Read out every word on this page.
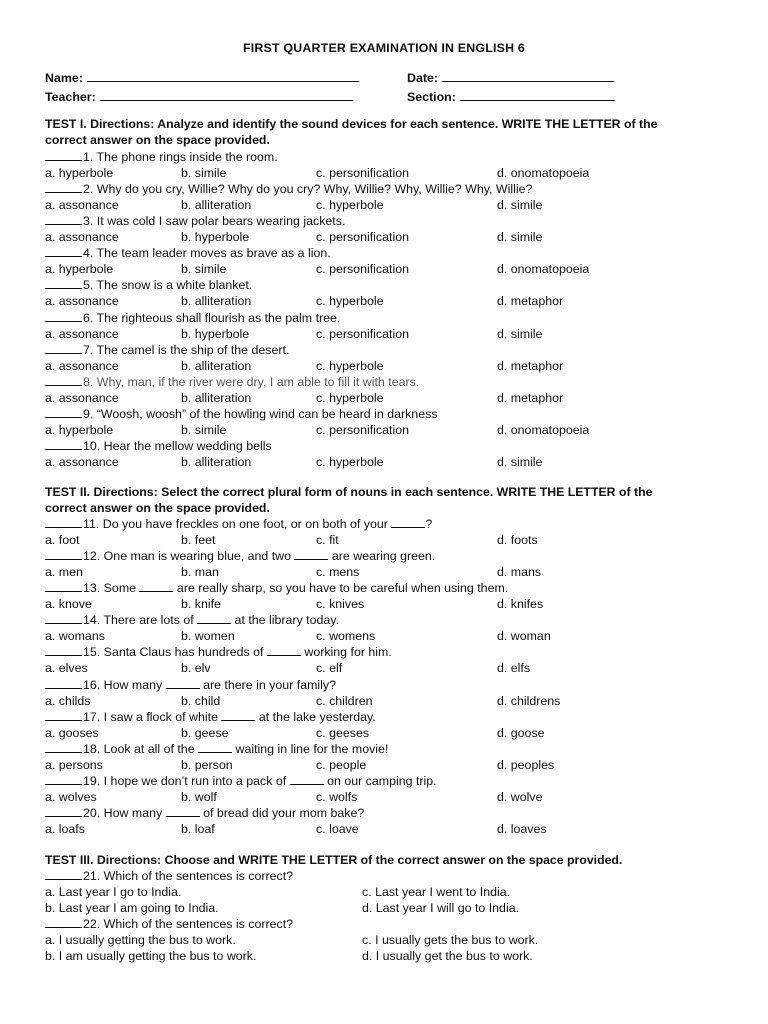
FIRST QUARTER EXAMINATION IN ENGLISH 6
Name:
Teacher:
Date:
Section:
TEST I. Directions: Analyze and identify the sound devices for each sentence. WRITE THE LETTER of the correct answer on the space provided.
TEST II. Directions: Select the correct plural form of nouns in each sentence. WRITE THE LETTER of the correct answer on the space provided.
TEST III. Directions: Choose and WRITE THE LETTER of the correct answer on the space provided.
1. The phone rings inside the room.
a. hyperbole	b. simile	c. personification	d. onomatopoeia
2. Why do you cry, Willie? Why do you cry? Why, Willie? Why, Willie? Why, Willie?
a. assonance	b. alliteration	c. hyperbole	d. simile
3. It was cold I saw polar bears wearing jackets.
a. assonance	b. hyperbole	c. personification	d. simile
4. The team leader moves as brave as a lion.
a. hyperbole	b. simile	c. personification	d. onomatopoeia
5. The snow is a white blanket.
a. assonance	b. alliteration	c. hyperbole	d. metaphor
6. The righteous shall flourish as the palm tree.
a. assonance	b. hyperbole	c. personification	d. simile
7. The camel is the ship of the desert.
a. assonance	b. alliteration	c. hyperbole	d. metaphor
8. Why, man, if the river were dry, I am able to fill it with tears.
a. assonance	b. alliteration	c. hyperbole	d. metaphor
9. “Woosh, woosh” of the howling wind can be heard in darkness
a. hyperbole	b. simile	c. personification	d. onomatopoeia
10. Hear the mellow wedding bells
a. assonance	b. alliteration	c. hyperbole	d. simile
11. Do you have freckles on one foot, or on both of your	?
a. foot	b. feet	c. fit	d. foots
12. One man is wearing blue, and two	are wearing green.
a. men	b. man	c. mens	d. mans
13. Some	are really sharp, so you have to be careful when using them.
a. knove	b. knife	c. knives	d. knifes
14. There are lots of	at the library today.
a. womans	b. women	c. womens	d. woman
15. Santa Claus has hundreds of	working for him.
a. elves	b. elv	c. elf	d. elfs
16. How many	are there in your family?
a. childs	b. child	c. children	d. childrens
17. I saw a flock of white	at the lake yesterday.
a. gooses	b. geese	c. geeses	d. goose
18. Look at all of the	waiting in line for the movie!
a. persons	b. person	c. people	d. peoples
19. I hope we don’t run into a pack of	on our camping trip.
a. wolves	b. wolf	c. wolfs	d. wolve
20. How many	of bread did your mom bake?
a. loafs	b. loaf	c. loave	d. loaves
21. Which of the sentences is correct?
a. Last year I go to India.	c. Last year I went to India.
b. Last year I am going to India.	d. Last year I will go to India.
22. Which of the sentences is correct?
a. I usually getting the bus to work.	c. I usually gets the bus to work.
b. I am usually getting the bus to work.	d. I usually get the bus to work.
